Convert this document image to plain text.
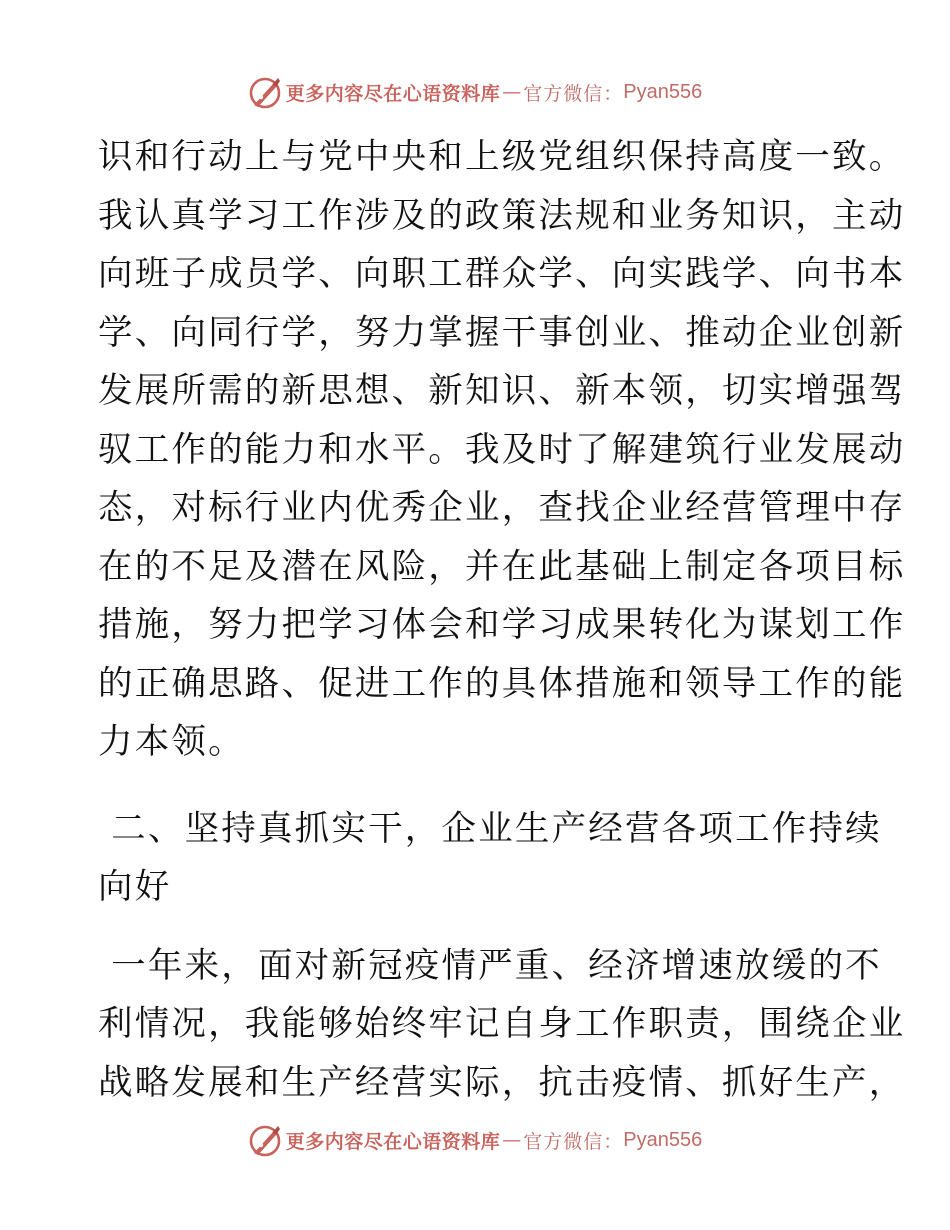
更多内容尽在心语资料库 — 官方微信： Pyan556

识和行动上与党中央和上级党组织保持高度一致。

我认真学习工作涉及的政策法规和业务知识，主动

向班子成员学、向职工群众学、向实践学、向书本

学、向同行学，努力掌握干事创业、推动企业创新

发展所需的新思想、新知识、新本领，切实增强驾

驭工作的能力和水平。我及时了解建筑行业发展动

态，对标行业内优秀企业，查找企业经营管理中存

在的不足及潜在风险，并在此基础上制定各项目标

措施，努力把学习体会和学习成果转化为谋划工作

的正确思路、促进工作的具体措施和领导工作的能

力本领。

二、坚持真抓实干，企业生产经营各项工作持续

向好

一年来，面对新冠疫情严重、经济增速放缓的不

利情况，我能够始终牢记自身工作职责，围绕企业

战略发展和生产经营实际，抗击疫情、抓好生产，

更多内容尽在心语资料库 — 官方微信： Pyan556
